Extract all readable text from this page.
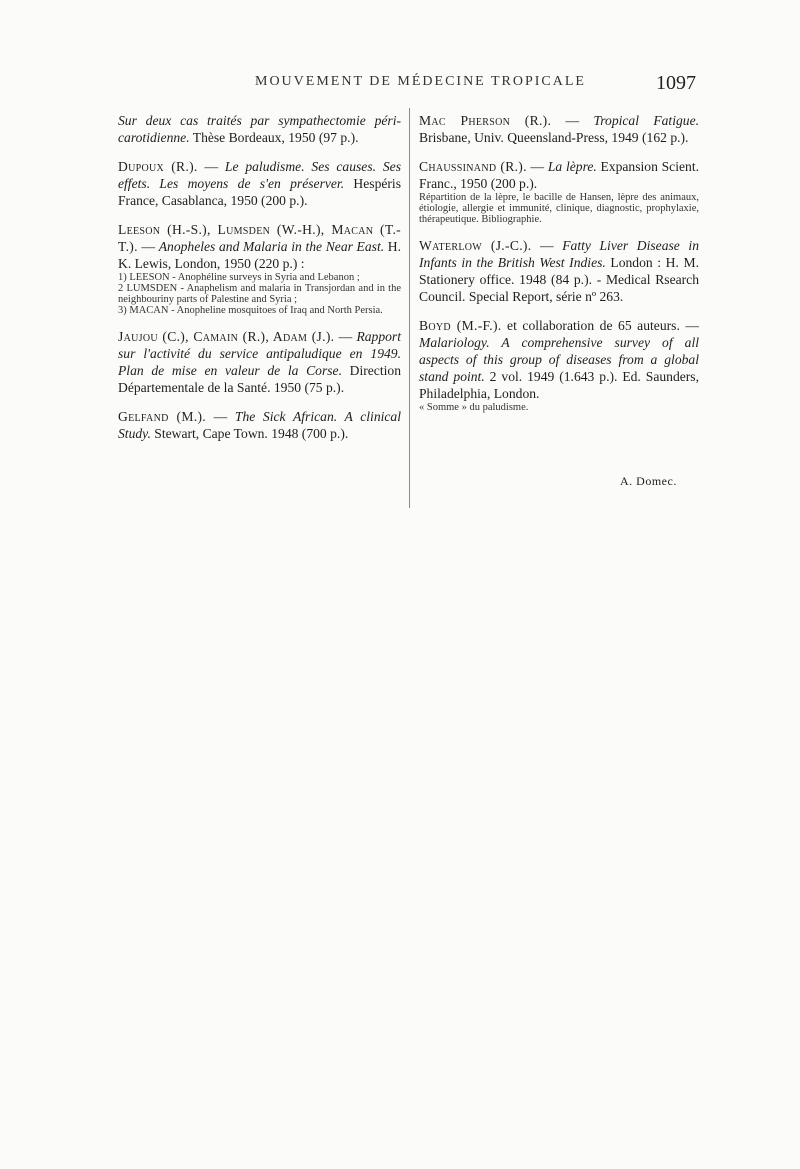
MOUVEMENT DE MÉDECINE TROPICALE	1097
Sur deux cas traités par sympathectomie péri-carotidienne. Thèse Bordeaux, 1950 (97 p.).
Dupoux (R.). — Le paludisme. Ses causes. Ses effets. Les moyens de s'en préserver. Hespéris France, Casablanca, 1950 (200 p.).
Leeson (H.-S.), Lumsden (W.-H.), Macan (T.-T.). — Anopheles and Malaria in the Near East. H. K. Lewis, London, 1950 (220 p.) :
1) LEESON - Anophéline surveys in Syria and Lebanon ;
2 LUMSDEN - Anaphelism and malaria in Transjordan and in the neighbouriny parts of Palestine and Syria ;
3) MACAN - Anopheline mosquitoes of Iraq and North Persia.
Jaujou (C.), Camain (R.), Adam (J.). — Rapport sur l'activité du service antipaludique en 1949. Plan de mise en valeur de la Corse. Direction Départementale de la Santé. 1950 (75 p.).
Gelfand (M.). — The Sick African. A clinical Study. Stewart, Cape Town. 1948 (700 p.).
Mac Pherson (R.). — Tropical Fatigue. Brisbane, Univ. Queensland-Press, 1949 (162 p.).
Chaussinand (R.). — La lèpre. Expansion Scient. Franc., 1950 (200 p.).
Répartition de la lèpre, le bacille de Hansen, lèpre des animaux, étiologie, allergie et immunité, clinique, diagnostic, prophylaxie, thérapeutique. Bibliographie.
Waterlow (J.-C.). — Fatty Liver Disease in Infants in the British West Indies. London : H. M. Stationery office. 1948 (84 p.). - Medical Rsearch Council. Special Report, série nº 263.
Boyd (M.-F.). et collaboration de 65 auteurs. — Malariology. A comprehensive survey of all aspects of this group of diseases from a global stand point. 2 vol. 1949 (1.643 p.). Ed. Saunders, Philadelphia, London.
« Somme » du paludisme.
A. Domec.
